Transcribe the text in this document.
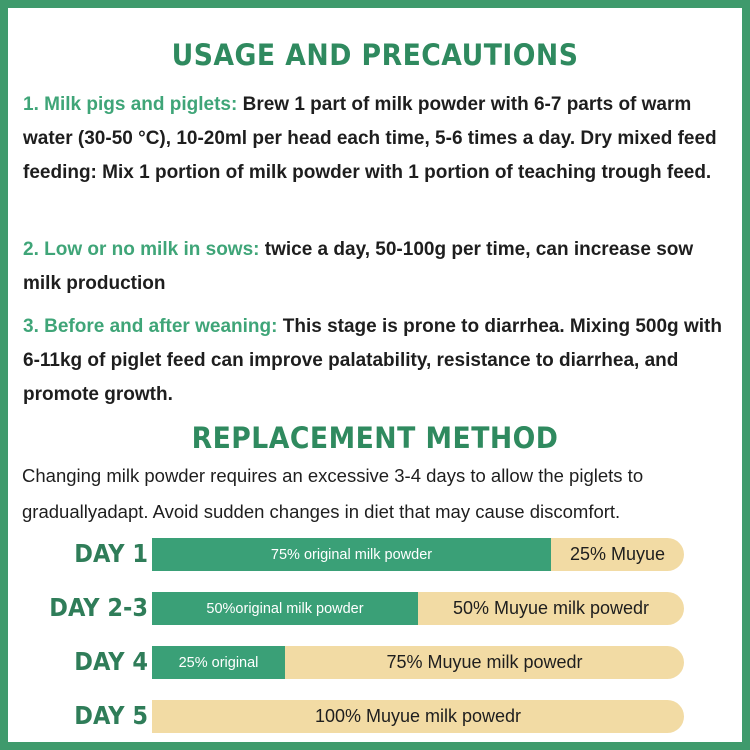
USAGE AND PRECAUTIONS

1. Milk pigs and piglets: Brew 1 part of milk powder with 6-7 parts of warm water (30-50 °C), 10-20ml per head each time, 5-6 times a day. Dry mixed feed feeding: Mix 1 portion of milk powder with 1 portion of teaching trough feed.

2. Low or no milk in sows: twice a day, 50-100g per time, can increase sow milk production

3. Before and after weaning: This stage is prone to diarrhea. Mixing 500g with 6-11kg of piglet feed can improve palatability, resistance to diarrhea, and promote growth.

REPLACEMENT METHOD

Changing milk powder requires an excessive 3-4 days to allow the piglets to graduallyadapt. Avoid sudden changes in diet that may cause discomfort.

DAY 1	75% original milk powder	25% Muyue
DAY 2-3	50%original milk powder	50% Muyue milk powedr
DAY 4	25% original	75% Muyue milk powedr
DAY 5	100% Muyue milk powedr
